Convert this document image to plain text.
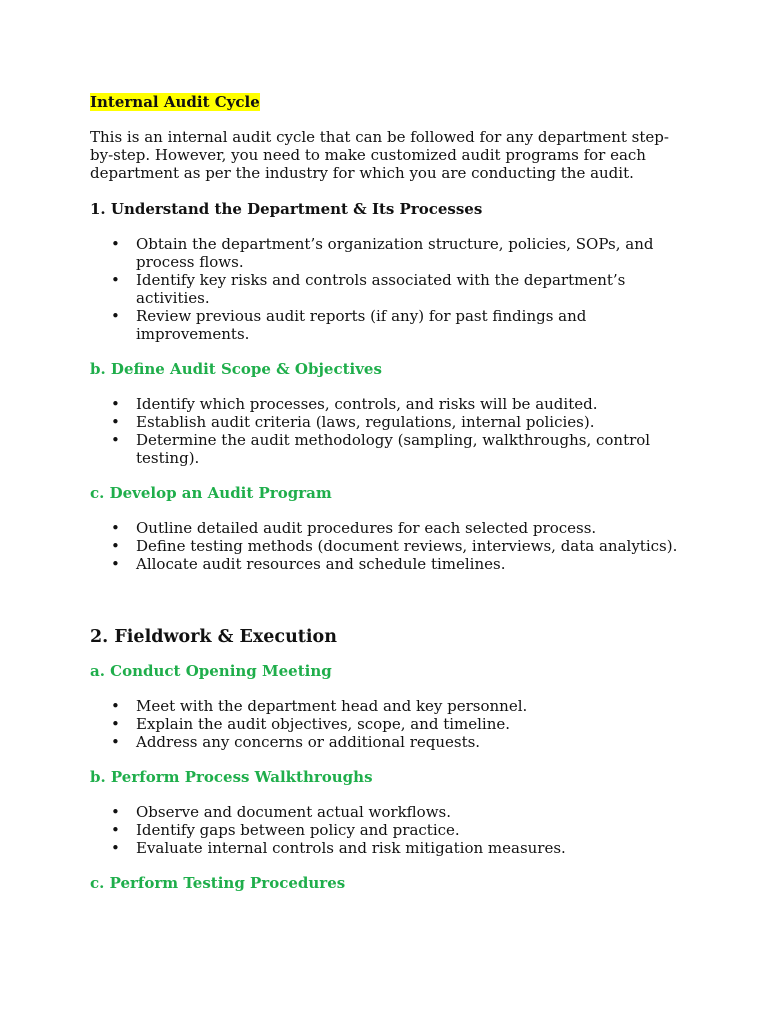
Internal Audit Cycle

This is an internal audit cycle that can be followed for any department step-by-step. However, you need to make customized audit programs for each department as per the industry for which you are conducting the audit.

1. Understand the Department & Its Processes
• Obtain the department’s organization structure, policies, SOPs, and process flows.
• Identify key risks and controls associated with the department’s activities.
• Review previous audit reports (if any) for past findings and improvements.
b. Define Audit Scope & Objectives
• Identify which processes, controls, and risks will be audited.
• Establish audit criteria (laws, regulations, internal policies).
• Determine the audit methodology (sampling, walkthroughs, control testing).
c. Develop an Audit Program
• Outline detailed audit procedures for each selected process.
• Define testing methods (document reviews, interviews, data analytics).
• Allocate audit resources and schedule timelines.
2. Fieldwork & Execution
a. Conduct Opening Meeting
• Meet with the department head and key personnel.
• Explain the audit objectives, scope, and timeline.
• Address any concerns or additional requests.
b. Perform Process Walkthroughs
• Observe and document actual workflows.
• Identify gaps between policy and practice.
• Evaluate internal controls and risk mitigation measures.
c. Perform Testing Procedures
